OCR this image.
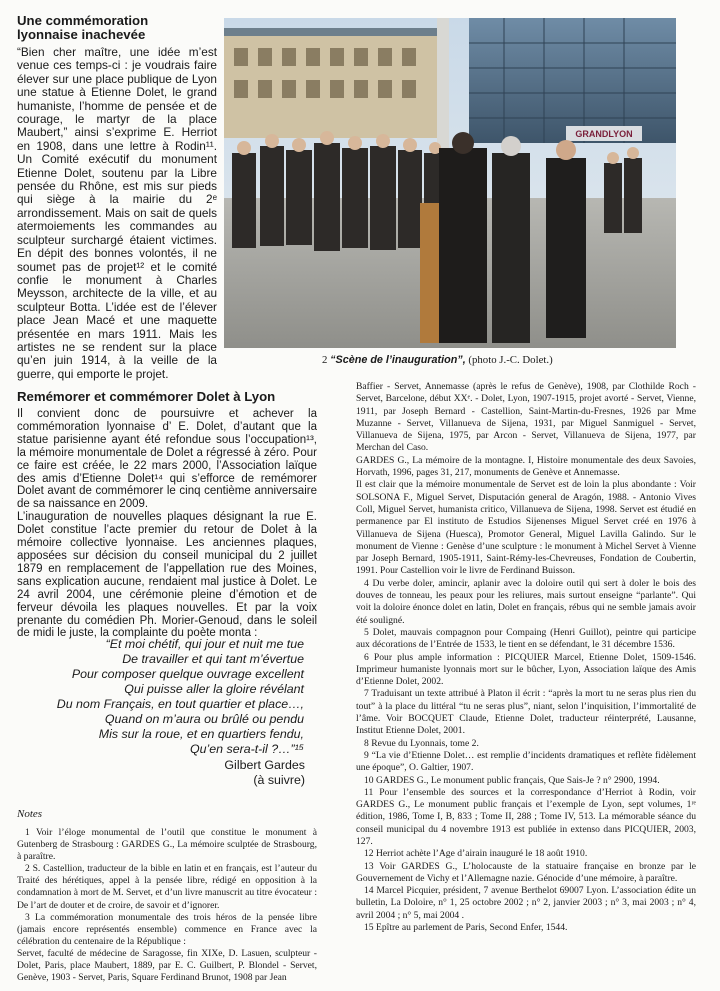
Une commémoration
lyonnaise inachevée

“Bien cher maître, une idée m’est venue ces temps-ci : je voudrais faire élever sur une place publique de Lyon une statue à Etienne Dolet, le grand humaniste, l’homme de pensée et de courage, le martyr de la place Maubert,” ainsi s’exprime E. Herriot en 1908, dans une lettre à Rodin¹¹. Un Comité exécutif du monument Etienne Dolet, soutenu par la Libre pensée du Rhône, est mis sur pieds qui siège à la mairie du 2ᵉ arrondissement. Mais on sait de quels atermoiements les commandes au sculpteur surchargé étaient victimes. En dépit des bonnes volontés, il ne soumet pas de projet¹² et le comité confie le monument à Charles Meysson, architecte de la ville, et au sculpteur Botta. L’idée est de l’élever place Jean Macé et une maquette présentée en mars 1911. Mais les artistes ne se rendent sur la place qu’en juin 1914, à la veille de la guerre, qui emporte le projet.

GRANDLYON
2 “Scène de l’inauguration”, (photo J.-C. Dolet.)
Remémorer et commémorer Dolet à Lyon

Il convient donc de poursuivre et achever la commémoration lyonnaise d’ E. Dolet, d’autant que la statue parisienne ayant été refondue sous l’occupation¹³, la mémoire monumentale de Dolet a régressé à zéro. Pour ce faire est créée, le 22 mars 2000, l’Association laïque des amis d’Etienne Dolet¹⁴ qui s’efforce de remémorer Dolet avant de commémorer le cinq centième anniversaire de sa naissance en 2009.

L’inauguration de nouvelles plaques désignant la rue E. Dolet constitue l’acte premier du retour de Dolet à la mémoire collective lyonnaise. Les anciennes plaques, apposées sur décision du conseil municipal du 2 juillet 1879 en remplacement de l’appellation rue des Moines, sans explication aucune, rendaient mal justice à Dolet. Le 24 avril 2004, une cérémonie pleine d’émotion et de ferveur dévoila les plaques nouvelles. Et par la voix prenante du comédien Ph. Morier-Genoud, dans le soleil de midi le juste, la complainte du poète monta :

“Et moi chétif, qui jour et nuit me tue
De travailler et qui tant m’évertue
Pour composer quelque ouvrage excellent
Qui puisse aller la gloire révélant
Du nom Français, en tout quartier et place…,
Quand on m’aura ou brûlé ou pendu
Mis sur la roue, et en quartiers fendu,
Qu’en sera-t-il ?…”¹⁵
Gilbert Gardes
(à suivre)
Notes

1 Voir l’éloge monumental de l’outil que constitue le monument à Gutenberg de Strasbourg : GARDES G., La mémoire sculptée de Strasbourg, à paraître.

2 S. Castellion, traducteur de la bible en latin et en français, est l’auteur du Traité des hérétiques, appel à la pensée libre, rédigé en opposition à la condamnation à mort de M. Servet, et d’un livre manuscrit au titre évocateur : De l’art de douter et de croire, de savoir et d’ignorer.

3 La commémoration monumentale des trois héros de la pensée libre (jamais encore représentés ensemble) commence en France avec la célébration du centenaire de la République :

Servet, faculté de médecine de Saragosse, fin XIXe, D. Lasuen, sculpteur - Dolet, Paris, place Maubert, 1889, par E. C. Guilbert, P. Blondel - Servet, Genève, 1903 - Servet, Paris, Square Ferdinand Brunot, 1908 par Jean

Baffier - Servet, Annemasse (après le refus de Genève), 1908, par Clothilde Roch - Servet, Barcelone, début XXᵉ. - Dolet, Lyon, 1907-1915, projet avorté - Servet, Vienne, 1911, par Joseph Bernard - Castellion, Saint-Martin-du-Fresnes, 1926 par Mme Muzanne - Servet, Villanueva de Sijena, 1931, par Miguel Sanmiguel - Servet, Villanueva de Sijena, 1975, par Arcon - Servet, Villanueva de Sijena, 1977, par Merchan del Caso.

GARDES G., La mémoire de la montagne. I, Histoire monumentale des deux Savoies, Horvath, 1996, pages 31, 217, monuments de Genève et Annemasse.

Il est clair que la mémoire monumentale de Servet est de loin la plus abondante : Voir SOLSONA F., Miguel Servet, Disputación general de Aragón, 1988. - Antonio Vives Coll, Miguel Servet, humanista critico, Villanueva de Sijena, 1998. Servet est étudié en permanence par El instituto de Estudios Sijenenses Miguel Servet créé en 1976 à Villanueva de Sijena (Huesca), Promotor General, Miguel Lavilla Galindo. Sur le monument de Vienne : Genèse d’une sculpture : le monument à Michel Servet à Vienne par Joseph Bernard, 1905-1911, Saint-Rémy-les-Chevreuses, Fondation de Coubertin, 1991. Pour Castellion voir le livre de Ferdinand Buisson.

4 Du verbe doler, amincir, aplanir avec la doloire outil qui sert à doler le bois des douves de tonneau, les peaux pour les reliures, mais surtout enseigne “parlante”. Qui voit la doloire énonce dolet en latin, Dolet en français, rébus qui ne semble jamais avoir été souligné.

5 Dolet, mauvais compagnon pour Compaing (Henri Guillot), peintre qui participe aux décorations de l’Entrée de 1533, le tient en se défendant, le 31 décembre 1536.

6 Pour plus ample information : PICQUIER Marcel, Etienne Dolet, 1509-1546. Imprimeur humaniste lyonnais mort sur le bûcher, Lyon, Association laïque des Amis d’Etienne Dolet, 2002.

7 Traduisant un texte attribué à Platon il écrit : “après la mort tu ne seras plus rien du tout” à la place du littéral “tu ne seras plus”, niant, selon l’inquisition, l’immortalité de l’âme. Voir BOCQUET Claude, Etienne Dolet, traducteur réinterprété, Lausanne, Institut Etienne Dolet, 2001.

8 Revue du Lyonnais, tome 2.

9 “La vie d’Etienne Dolet… est remplie d’incidents dramatiques et reflète fidèlement une époque”, O. Galtier, 1907.

10 GARDES G., Le monument public français, Que Sais-Je ? n° 2900, 1994.

11 Pour l’ensemble des sources et la correspondance d’Herriot à Rodin, voir GARDES G., Le monument public français et l’exemple de Lyon, sept volumes, 1ʳᵉ édition, 1986, Tome I, B, 833 ; Tome II, 288 ; Tome IV, 513. La mémorable séance du conseil municipal du 4 novembre 1913 est publiée in extenso dans PICQUIER, 2003, 127.

12 Herriot achète l’Age d’airain inauguré le 18 août 1910.

13 Voir GARDES G., L’holocauste de la statuaire française en bronze par le Gouvernement de Vichy et l’Allemagne nazie. Génocide d’une mémoire, à paraître.

14 Marcel Picquier, président, 7 avenue Berthelot 69007 Lyon. L’association édite un bulletin, La Doloire, n° 1, 25 octobre 2002 ; n° 2, janvier 2003 ; n° 3, mai 2003 ; n° 4, avril 2004 ; n° 5, mai 2004 .

15 Epître au parlement de Paris, Second Enfer, 1544.
